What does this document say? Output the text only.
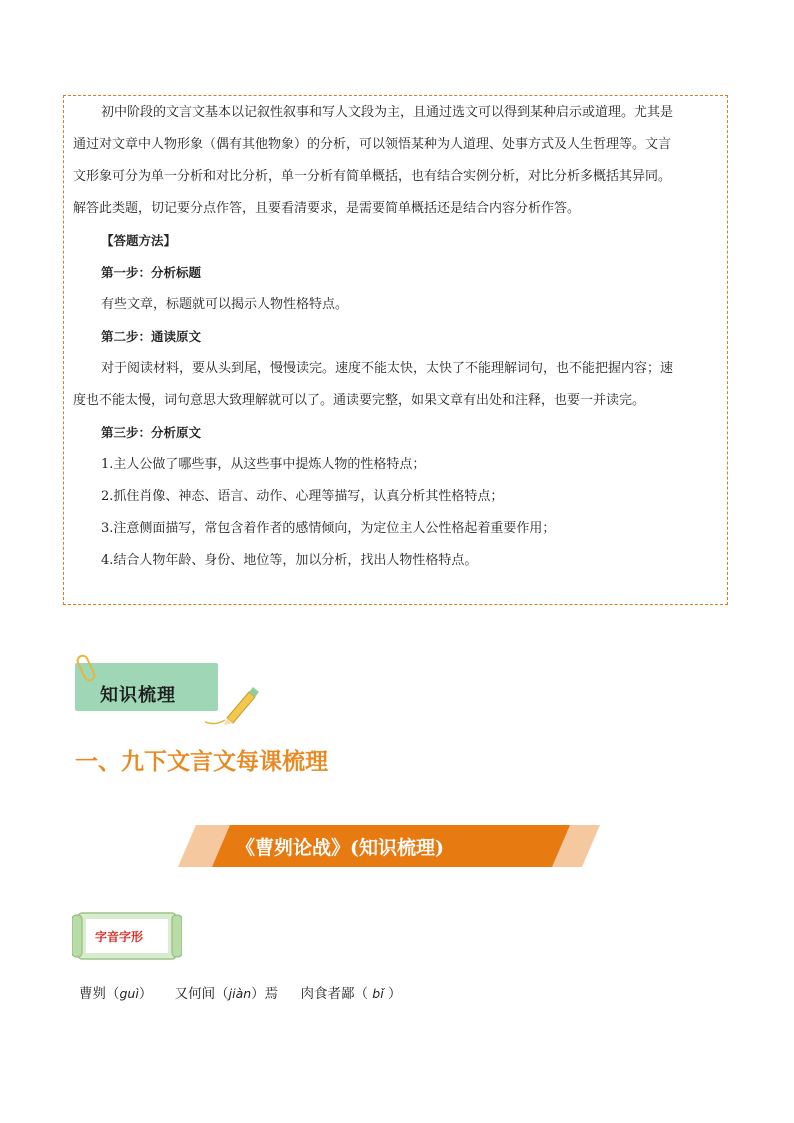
初中阶段的文言文基本以记叙性叙事和写人文段为主，且通过选文可以得到某种启示或道理。尤其是
通过对文章中人物形象（偶有其他物象）的分析，可以领悟某种为人道理、处事方式及人生哲理等。文言
文形象可分为单一分析和对比分析，单一分析有简单概括，也有结合实例分析，对比分析多概括其异同。
解答此类题，切记要分点作答，且要看清要求，是需要简单概括还是结合内容分析作答。
【答题方法】
第一步：分析标题
有些文章，标题就可以揭示人物性格特点。
第二步：通读原文
对于阅读材料，要从头到尾，慢慢读完。速度不能太快，太快了不能理解词句，也不能把握内容；速
度也不能太慢，词句意思大致理解就可以了。通读要完整，如果文章有出处和注释，也要一并读完。
第三步：分析原文
1.主人公做了哪些事，从这些事中提炼人物的性格特点；
2.抓住肖像、神态、语言、动作、心理等描写，认真分析其性格特点；
3.注意侧面描写，常包含着作者的感情倾向，为定位主人公性格起着重要作用；
4.结合人物年龄、身份、地位等，加以分析，找出人物性格特点。
知识梳理
一、九下文言文每课梳理
《曹刿论战》(知识梳理)
字音字形
曹刿（guì） 又何间（jiàn）焉 肉食者鄙（ bǐ ）
